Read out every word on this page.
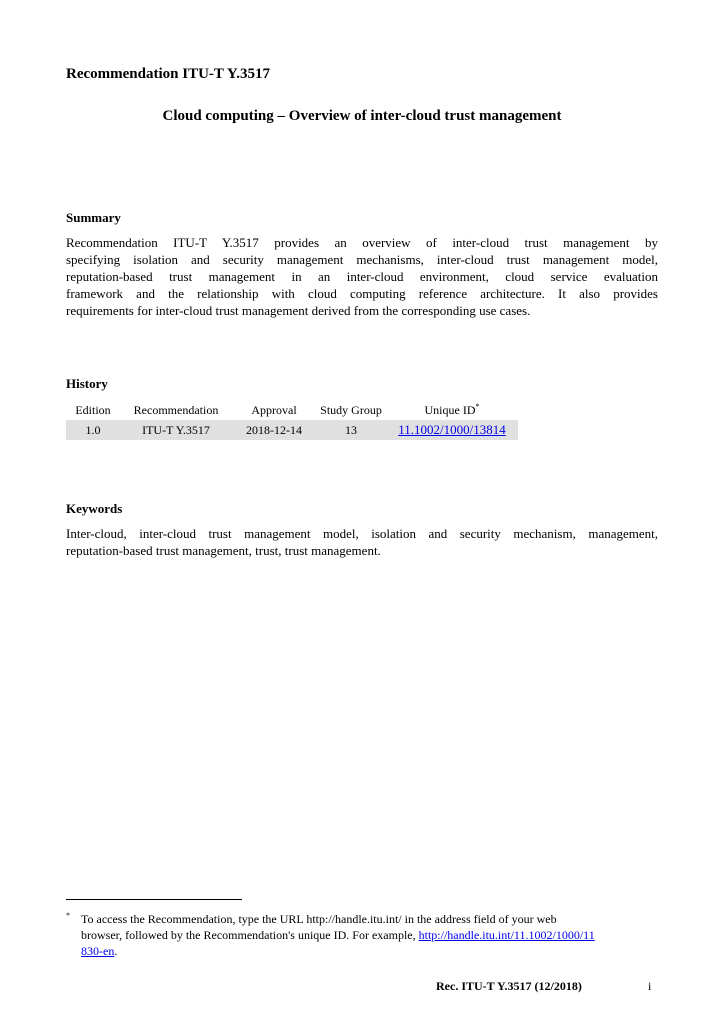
Recommendation ITU-T Y.3517
Cloud computing – Overview of inter-cloud trust management
Summary
Recommendation ITU-T Y.3517 provides an overview of inter-cloud trust management by
specifying isolation and security management mechanisms, inter-cloud trust management model,
reputation-based trust management in an inter-cloud environment, cloud service evaluation
framework and the relationship with cloud computing reference architecture. It also provides
requirements for inter-cloud trust management derived from the corresponding use cases.
History
Edition	Recommendation	Approval	Study Group	Unique ID*
1.0	ITU-T Y.3517	2018-12-14	13	11.1002/1000/13814
Keywords
Inter-cloud, inter-cloud trust management model, isolation and security mechanism, management,
reputation-based trust management, trust, trust management.
* To access the Recommendation, type the URL http://handle.itu.int/ in the address field of your web
browser, followed by the Recommendation's unique ID. For example, http://handle.itu.int/11.1002/1000/11
830-en.
Rec. ITU-T Y.3517 (12/2018)	i
